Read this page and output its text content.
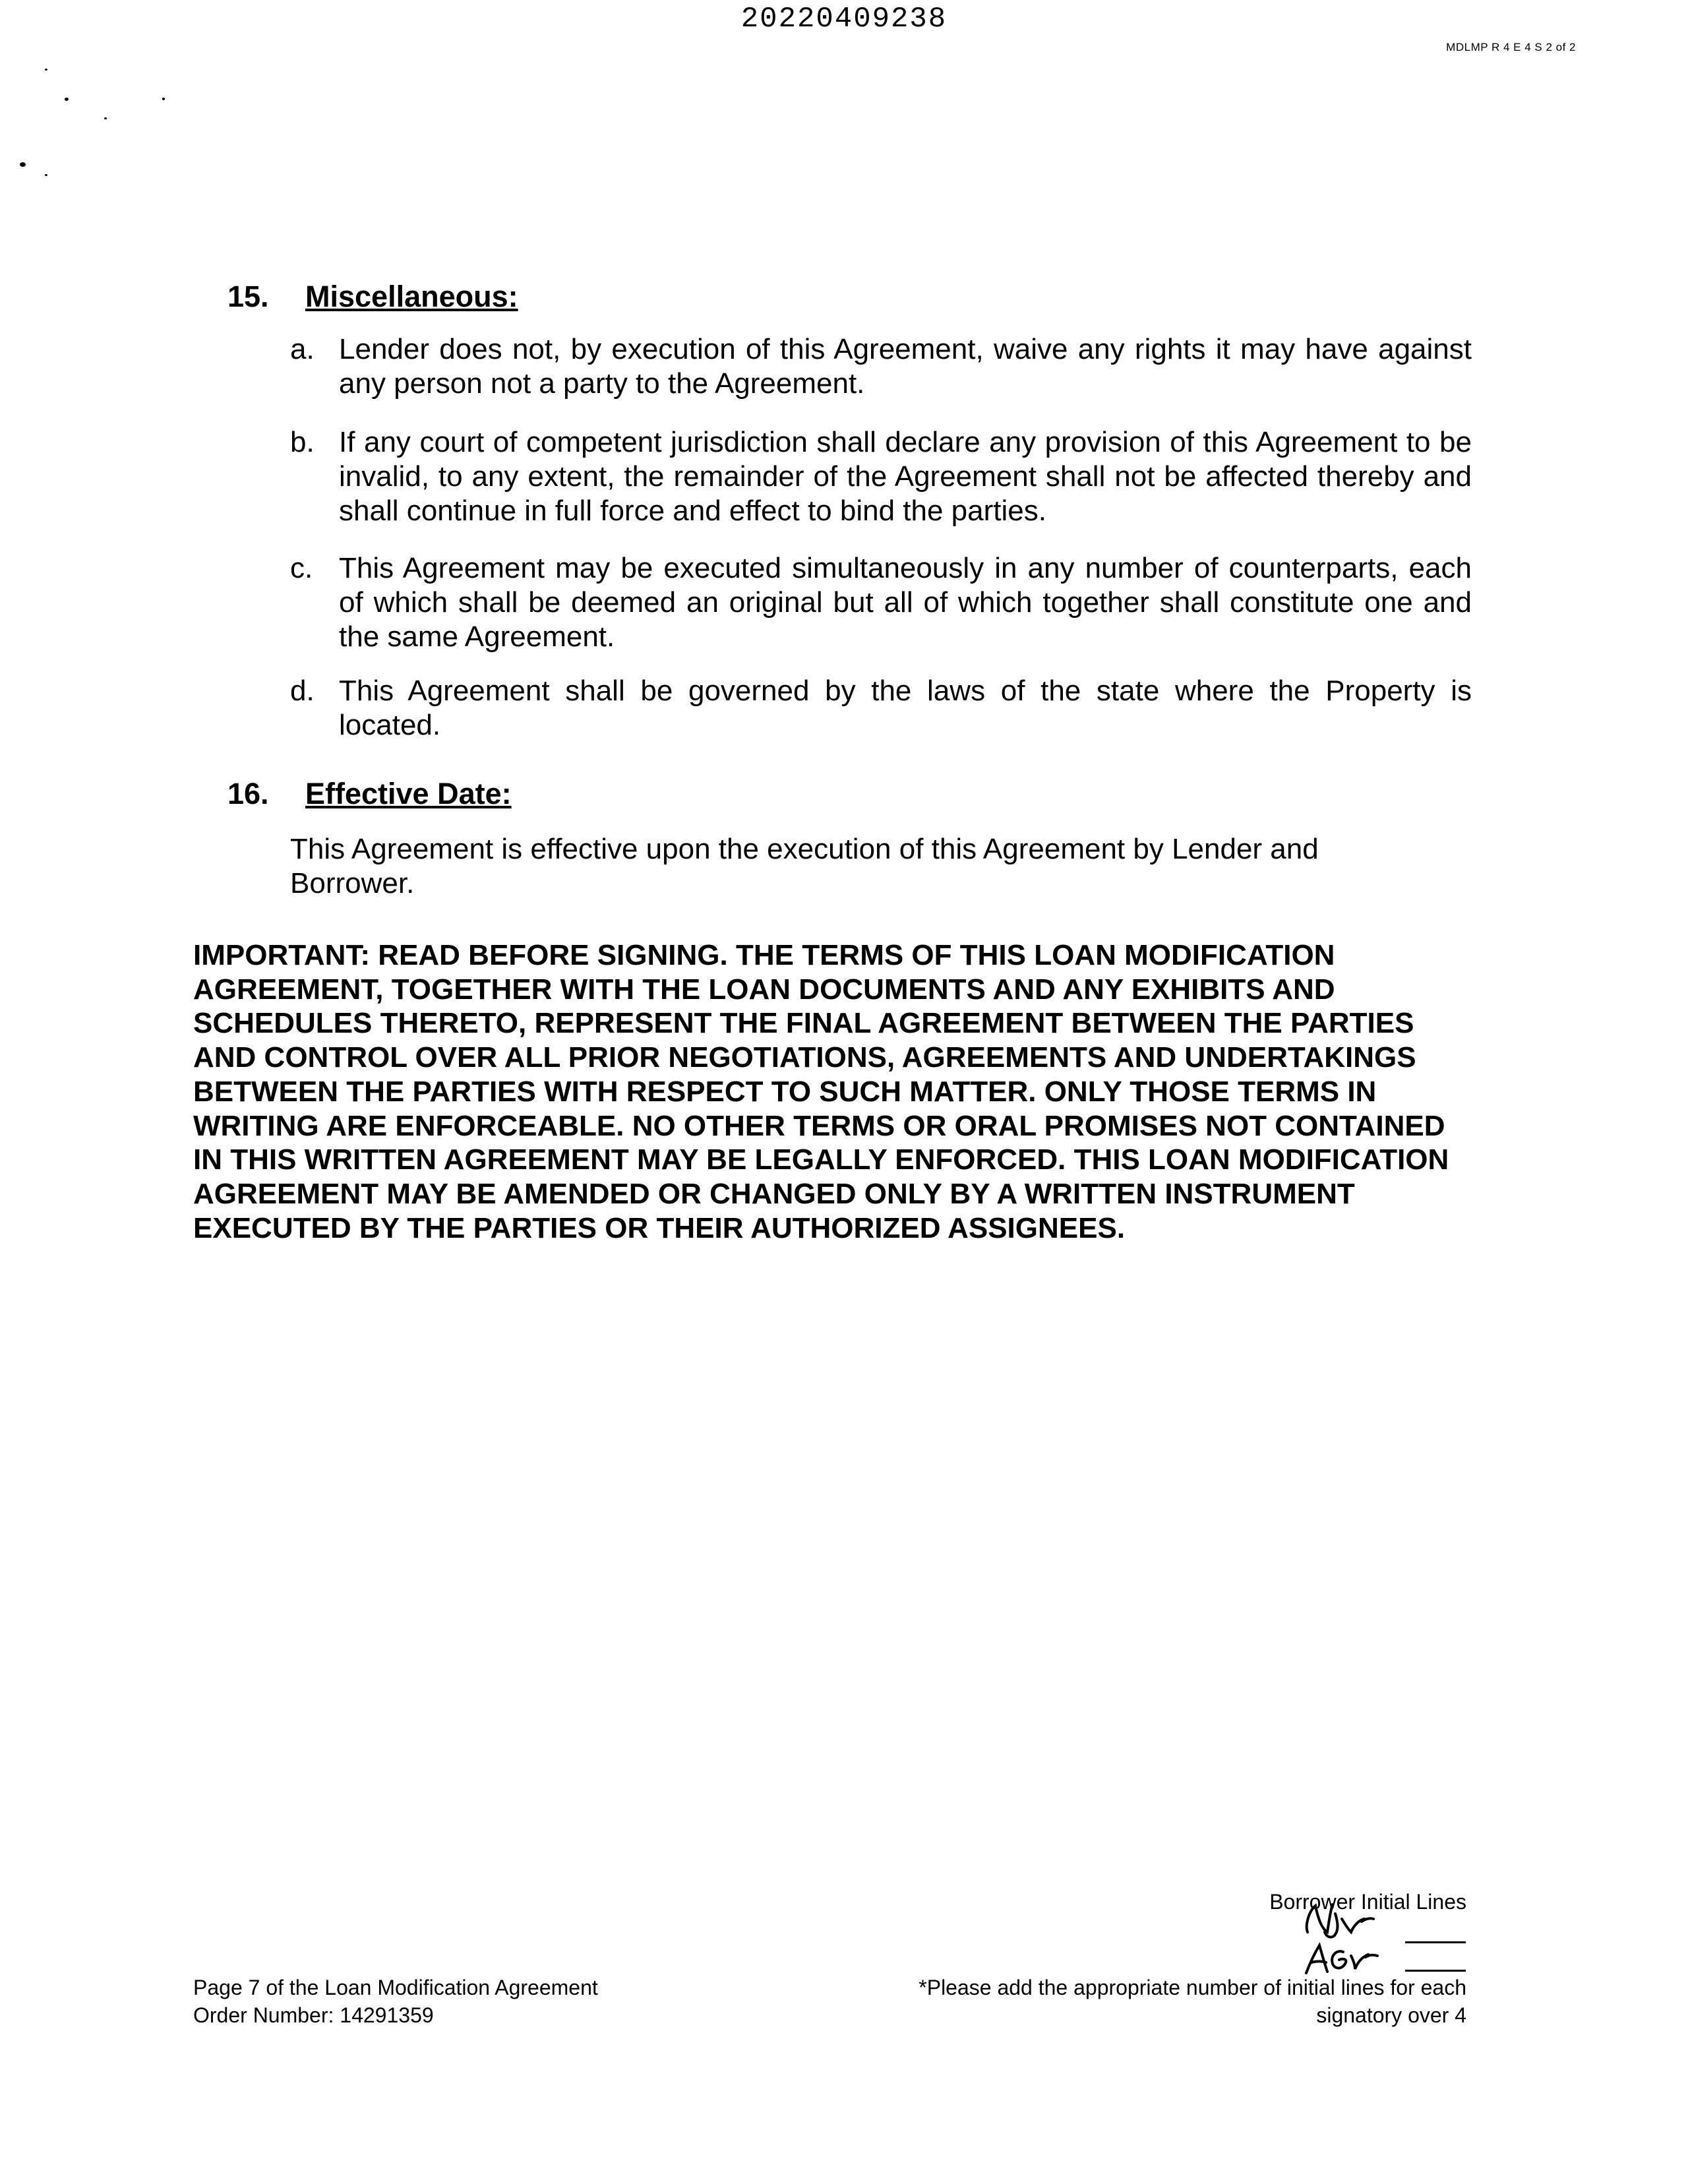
20220409238
MDLMP R 4 E 4 S 2 of 2
15. Miscellaneous:
a. Lender does not, by execution of this Agreement, waive any rights it may have against any person not a party to the Agreement.
b. If any court of competent jurisdiction shall declare any provision of this Agreement to be invalid, to any extent, the remainder of the Agreement shall not be affected thereby and shall continue in full force and effect to bind the parties.
c. This Agreement may be executed simultaneously in any number of counterparts, each of which shall be deemed an original but all of which together shall constitute one and the same Agreement.
d. This Agreement shall be governed by the laws of the state where the Property is located.
16. Effective Date:
This Agreement is effective upon the execution of this Agreement by Lender and Borrower.
IMPORTANT: READ BEFORE SIGNING. THE TERMS OF THIS LOAN MODIFICATION AGREEMENT, TOGETHER WITH THE LOAN DOCUMENTS AND ANY EXHIBITS AND SCHEDULES THERETO, REPRESENT THE FINAL AGREEMENT BETWEEN THE PARTIES AND CONTROL OVER ALL PRIOR NEGOTIATIONS, AGREEMENTS AND UNDERTAKINGS BETWEEN THE PARTIES WITH RESPECT TO SUCH MATTER. ONLY THOSE TERMS IN WRITING ARE ENFORCEABLE. NO OTHER TERMS OR ORAL PROMISES NOT CONTAINED IN THIS WRITTEN AGREEMENT MAY BE LEGALLY ENFORCED. THIS LOAN MODIFICATION AGREEMENT MAY BE AMENDED OR CHANGED ONLY BY A WRITTEN INSTRUMENT EXECUTED BY THE PARTIES OR THEIR AUTHORIZED ASSIGNEES.
Borrower Initial Lines
Page 7 of the Loan Modification Agreement
Order Number: 14291359
*Please add the appropriate number of initial lines for each
signatory over 4
